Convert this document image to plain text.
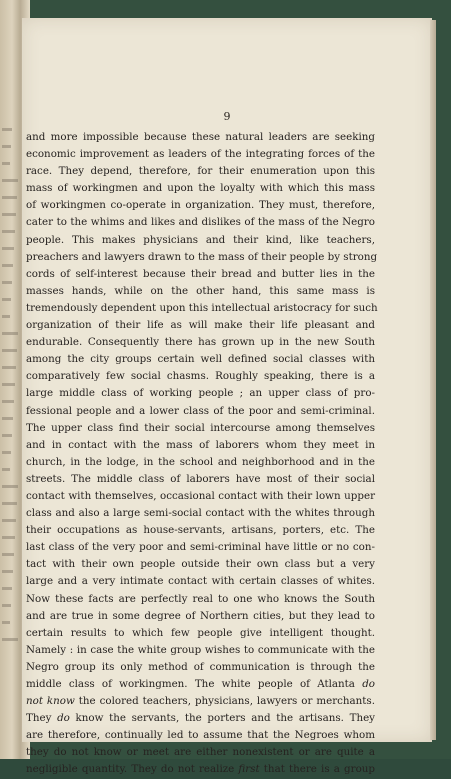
9
and more impossible because these natural leaders are seeking
economic improvement as leaders of the integrating forces of the
race. They depend, therefore, for their enumeration upon this
mass of workingmen and upon the loyalty with which this mass
of workingmen co-operate in organization. They must, therefore,
cater to the whims and likes and dislikes of the mass of the Negro
people. This makes physicians and their kind, like teachers,
preachers and lawyers drawn to the mass of their people by strong
cords of self-interest because their bread and butter lies in the
masses hands, while on the other hand, this same mass is
tremendously dependent upon this intellectual aristocracy for such
organization of their life as will make their life pleasant and
endurable. Consequently there has grown up in the new South
among the city groups certain well defined social classes with
comparatively few social chasms. Roughly speaking, there is a
large middle class of working people ; an upper class of pro-
fessional people and a lower class of the poor and semi-criminal.
The upper class find their social intercourse among themselves
and in contact with the mass of laborers whom they meet in
church, in the lodge, in the school and neighborhood and in the
streets. The middle class of laborers have most of their social
contact with themselves, occasional contact with their lown upper
class and also a large semi-social contact with the whites through
their occupations as house-servants, artisans, porters, etc. The
last class of the very poor and semi-criminal have little or no con-
tact with their own people outside their own class but a very
large and a very intimate contact with certain classes of whites.
Now these facts are perfectly real to one who knows the South
and are true in some degree of Northern cities, but they lead to
certain results to which few people give intelligent thought.
Namely : in case the white group wishes to communicate with the
Negro group its only method of communication is through the
middle class of workingmen. The white people of Atlanta do
not know the colored teachers, physicians, lawyers or merchants.
They do know the servants, the porters and the artisans. They
are therefore, continually led to assume that the Negroes whom
they do not know or meet are either nonexistent or are quite a
negligible quantity. They do not realize first that there is a group
